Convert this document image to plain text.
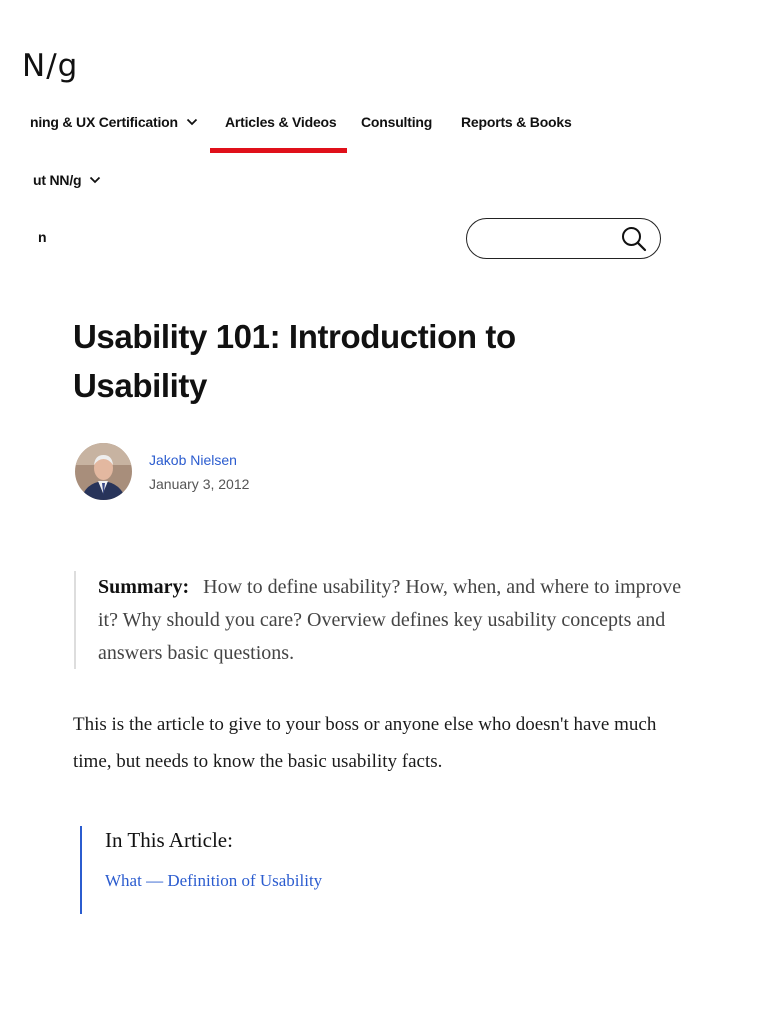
N/g
ning & UX Certification	Articles & Videos Consulting Reports & Books
ut NN/g
n
Usability 101: Introduction to Usability
Jakob Nielsen
January 3, 2012
Summary: How to define usability? How, when, and where to improve it? Why should you care? Overview defines key usability concepts and answers basic questions.
This is the article to give to your boss or anyone else who doesn't have much time, but needs to know the basic usability facts.
In This Article:
What — Definition of Usability
